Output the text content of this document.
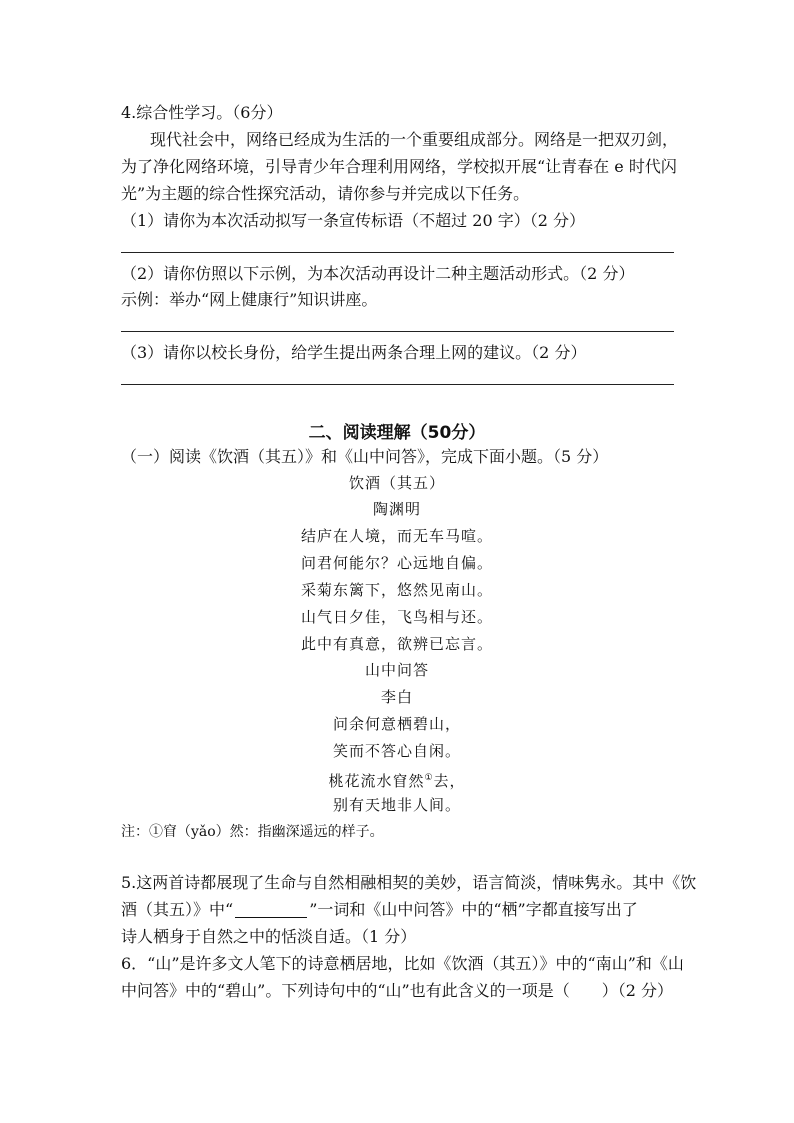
4.综合性学习。（6分）
现代社会中，网络已经成为生活的一个重要组成部分。网络是一把双刃剑，
为了净化网络环境，引导青少年合理利用网络，学校拟开展“让青春在 e 时代闪
光”为主题的综合性探究活动，请你参与并完成以下任务。
（1）请你为本次活动拟写一条宣传标语（不超过 20 字）（2 分）
（2）请你仿照以下示例，为本次活动再设计二种主题活动形式。（2 分）
示例：举办“网上健康行”知识讲座。
（3）请你以校长身份，给学生提出两条合理上网的建议。（2 分）
二、阅读理解（50分）
（一）阅读《饮酒（其五）》和《山中问答》，完成下面小题。（5 分）
饮酒（其五）
陶渊明
结庐在人境，而无车马喧。
问君何能尔？心远地自偏。
采菊东篱下，悠然见南山。
山气日夕佳，飞鸟相与还。
此中有真意，欲辨已忘言。
山中问答
李白
问余何意栖碧山，
笑而不答心自闲。
桃花流水窅然①去，
别有天地非人间。
注：①窅（yǎo）然：指幽深遥远的样子。
5.这两首诗都展现了生命与自然相融相契的美妙，语言简淡，情味隽永。其中《饮
酒（其五）》中“	”一词和《山中问答》中的“栖”字都直接写出了
诗人栖身于自然之中的恬淡自适。（1 分）
6．“山”是许多文人笔下的诗意栖居地，比如《饮酒（其五）》中的“南山”和《山
中问答》中的“碧山”。下列诗句中的“山”也有此含义的一项是（　　）（2 分）
